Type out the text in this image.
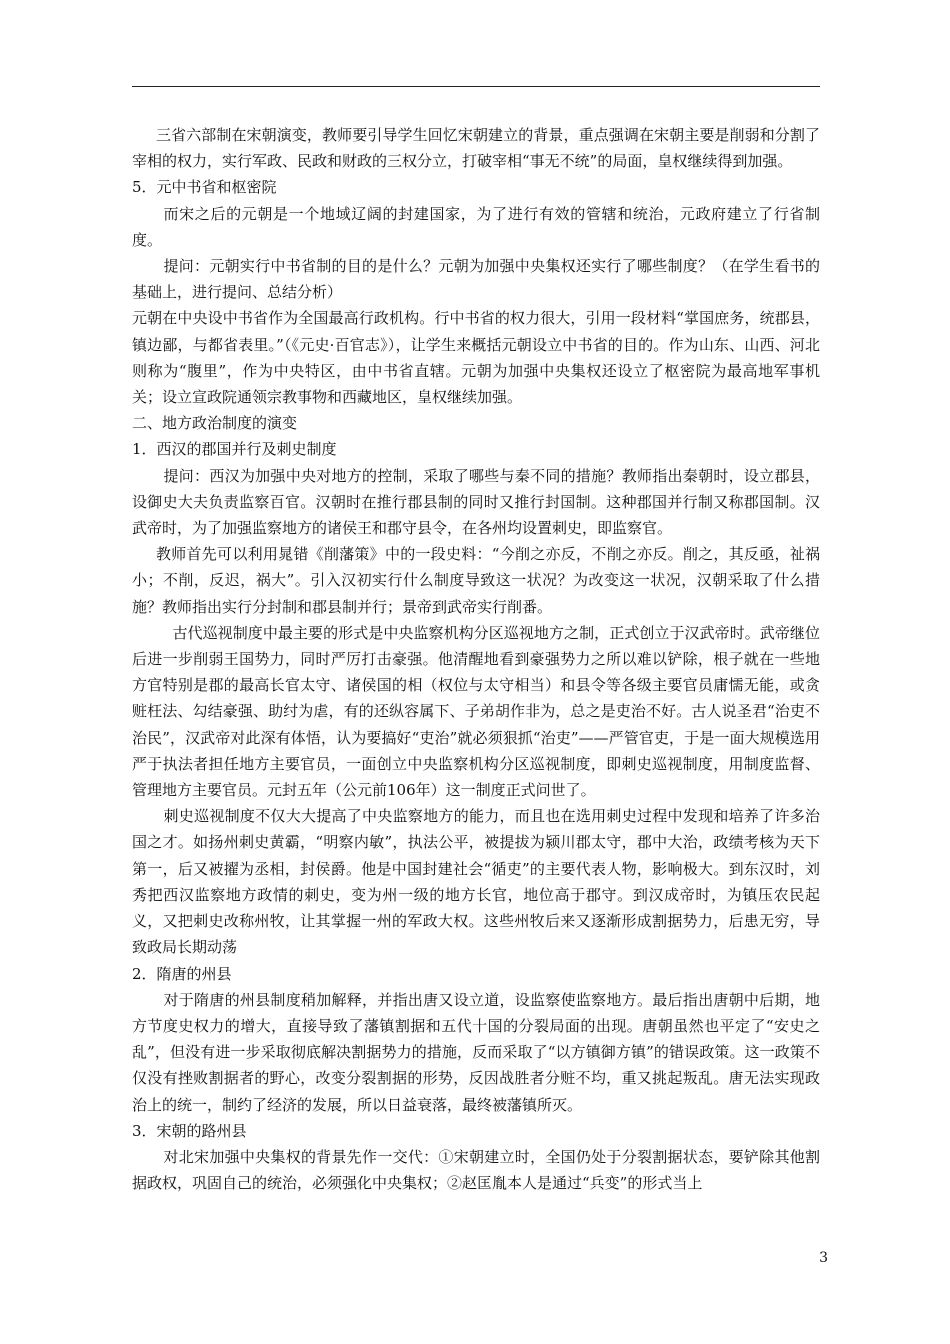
三省六部制在宋朝演变，教师要引导学生回忆宋朝建立的背景，重点强调在宋朝主要是削弱和分割了宰相的权力，实行军政、民政和财政的三权分立，打破宰相“事无不统”的局面，皇权继续得到加强。

5．元中书省和枢密院

而宋之后的元朝是一个地域辽阔的封建国家，为了进行有效的管辖和统治，元政府建立了行省制度。

提问：元朝实行中书省制的目的是什么？元朝为加强中央集权还实行了哪些制度？（在学生看书的基础上，进行提问、总结分析）

元朝在中央设中书省作为全国最高行政机构。行中书省的权力很大，引用一段材料“掌国庶务，统郡县，镇边鄙，与都省表里。”（《元史·百官志》），让学生来概括元朝设立中书省的目的。作为山东、山西、河北则称为“腹里”，作为中央特区，由中书省直辖。元朝为加强中央集权还设立了枢密院为最高地军事机关；设立宣政院通领宗教事物和西藏地区，皇权继续加强。

二、地方政治制度的演变

1．西汉的郡国并行及刺史制度

提问：西汉为加强中央对地方的控制，采取了哪些与秦不同的措施？教师指出秦朝时，设立郡县，设御史大夫负责监察百官。汉朝时在推行郡县制的同时又推行封国制。这种郡国并行制又称郡国制。汉武帝时，为了加强监察地方的诸侯王和郡守县令，在各州均设置刺史，即监察官。

教师首先可以利用晁错《削藩策》中的一段史料：“今削之亦反，不削之亦反。削之，其反亟，祉祸小；不削，反迟，祸大”。引入汉初实行什么制度导致这一状况？为改变这一状况，汉朝采取了什么措施？教师指出实行分封制和郡县制并行；景帝到武帝实行削番。

古代巡视制度中最主要的形式是中央监察机构分区巡视地方之制，正式创立于汉武帝时。武帝继位后进一步削弱王国势力，同时严厉打击豪强。他清醒地看到豪强势力之所以难以铲除，根子就在一些地方官特别是郡的最高长官太守、诸侯国的相（权位与太守相当）和县令等各级主要官员庸懦无能，或贪赃枉法、勾结豪强、助纣为虐，有的还纵容属下、子弟胡作非为，总之是吏治不好。古人说圣君“治吏不治民”，汉武帝对此深有体悟，认为要搞好“吏治”就必须狠抓“治吏”——严管官吏，于是一面大规模选用严于执法者担任地方主要官员，一面创立中央监察机构分区巡视制度，即刺史巡视制度，用制度监督、管理地方主要官员。元封五年（公元前106年）这一制度正式问世了。

刺史巡视制度不仅大大提高了中央监察地方的能力，而且也在选用刺史过程中发现和培养了许多治国之才。如扬州刺史黄霸，“明察内敏”，执法公平，被提拔为颍川郡太守，郡中大治，政绩考核为天下第一，后又被擢为丞相，封侯爵。他是中国封建社会“循吏”的主要代表人物，影响极大。到东汉时，刘秀把西汉监察地方政情的刺史，变为州一级的地方长官，地位高于郡守。到汉成帝时，为镇压农民起义，又把刺史改称州牧，让其掌握一州的军政大权。这些州牧后来又逐渐形成割据势力，后患无穷，导致政局长期动荡

2．隋唐的州县

对于隋唐的州县制度稍加解释，并指出唐又设立道，设监察使监察地方。最后指出唐朝中后期，地方节度史权力的增大，直接导致了藩镇割据和五代十国的分裂局面的出现。唐朝虽然也平定了“安史之乱”，但没有进一步采取彻底解决割据势力的措施，反而采取了“以方镇御方镇”的错误政策。这一政策不仅没有挫败割据者的野心，改变分裂割据的形势，反因战胜者分赃不均，重又挑起叛乱。唐无法实现政治上的统一，制约了经济的发展，所以日益衰落，最终被藩镇所灭。

3．宋朝的路州县

对北宋加强中央集权的背景先作一交代：①宋朝建立时，全国仍处于分裂割据状态，要铲除其他割据政权，巩固自己的统治，必须强化中央集权；②赵匡胤本人是通过“兵变”的形式当上

3
